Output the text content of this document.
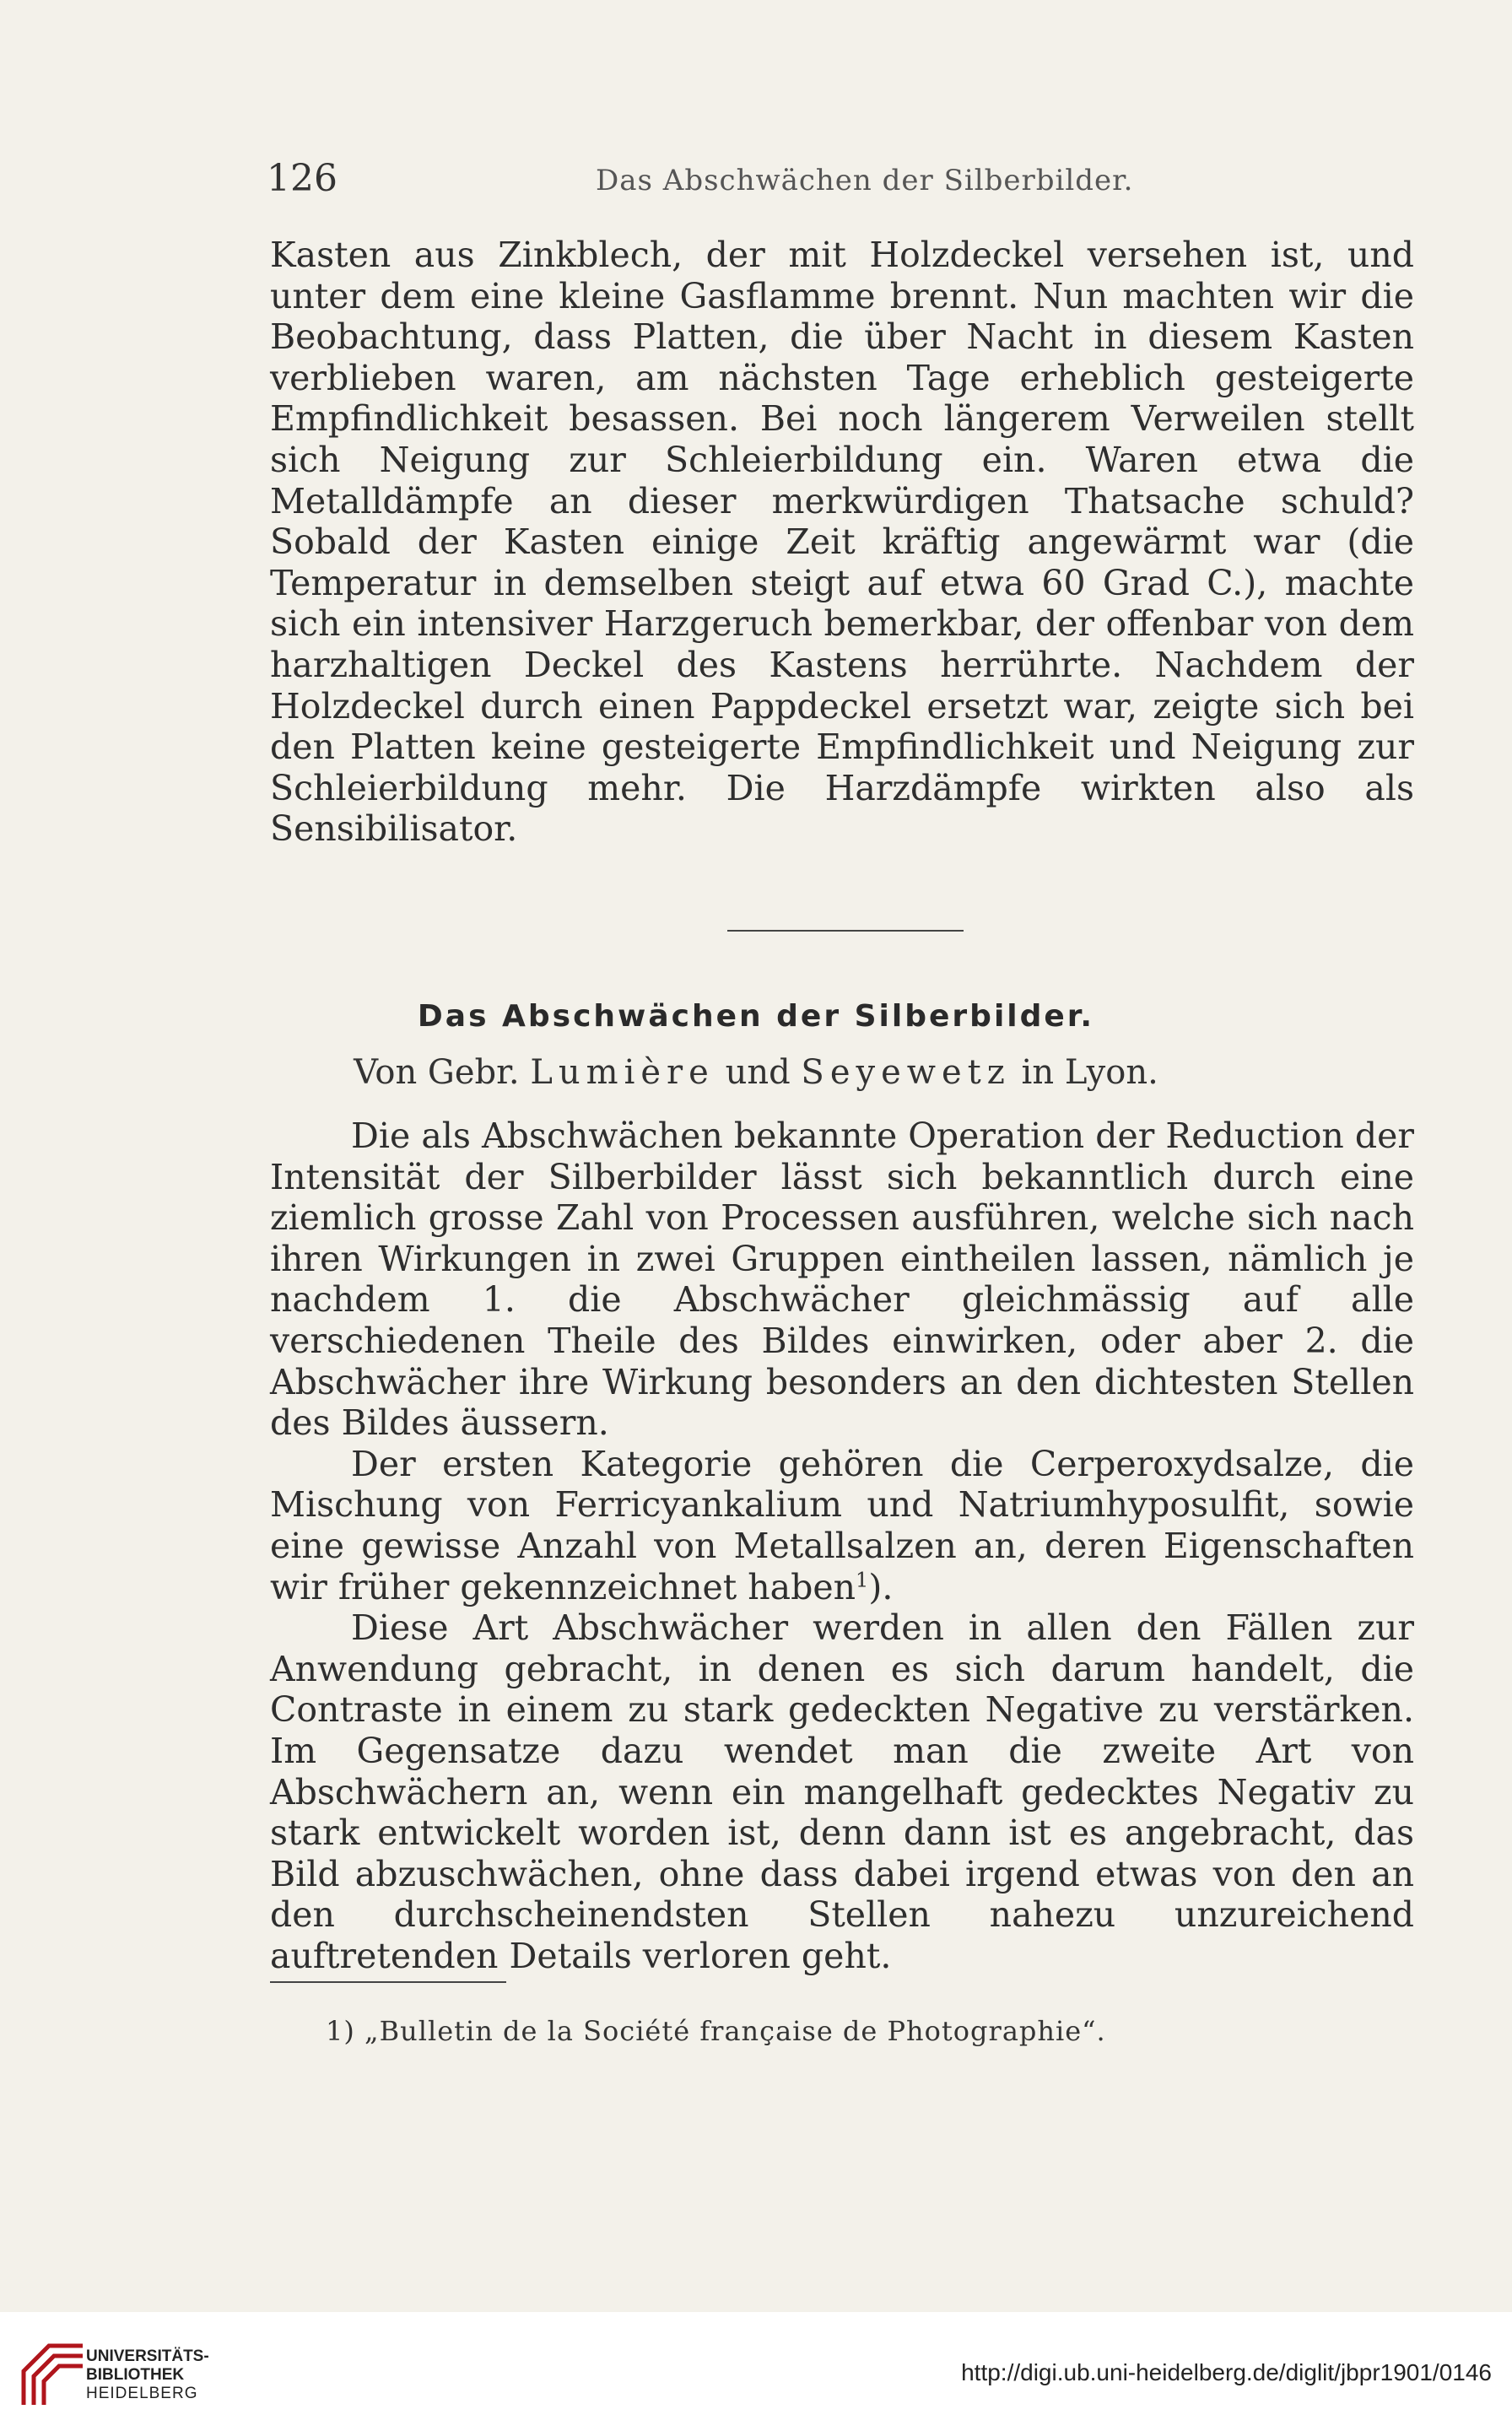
126	Das Abschwächen der Silberbilder.

Kasten aus Zinkblech, der mit Holzdeckel versehen ist, und unter dem eine kleine Gasflamme brennt. Nun machten wir die Beobachtung, dass Platten, die über Nacht in diesem Kasten verblieben waren, am nächsten Tage erheblich gesteigerte Empfindlichkeit besassen. Bei noch längerem Verweilen stellt sich Neigung zur Schleierbildung ein. Waren etwa die Metalldämpfe an dieser merkwürdigen Thatsache schuld? Sobald der Kasten einige Zeit kräftig angewärmt war (die Temperatur in demselben steigt auf etwa 60 Grad C.), machte sich ein intensiver Harzgeruch bemerkbar, der offenbar von dem harzhaltigen Deckel des Kastens herrührte. Nachdem der Holzdeckel durch einen Pappdeckel ersetzt war, zeigte sich bei den Platten keine gesteigerte Empfindlichkeit und Neigung zur Schleierbildung mehr. Die Harzdämpfe wirkten also als Sensibilisator.

Das Abschwächen der Silberbilder.
Von Gebr. Lumière und Seyewetz in Lyon.

Die als Abschwächen bekannte Operation der Reduction der Intensität der Silberbilder lässt sich bekanntlich durch eine ziemlich grosse Zahl von Processen ausführen, welche sich nach ihren Wirkungen in zwei Gruppen eintheilen lassen, nämlich je nachdem 1. die Abschwächer gleichmässig auf alle verschiedenen Theile des Bildes einwirken, oder aber 2. die Abschwächer ihre Wirkung besonders an den dichtesten Stellen des Bildes äussern.

Der ersten Kategorie gehören die Cerperoxydsalze, die Mischung von Ferricyankalium und Natriumhyposulfit, sowie eine gewisse Anzahl von Metallsalzen an, deren Eigenschaften wir früher gekennzeichnet haben$^1$).

Diese Art Abschwächer werden in allen den Fällen zur Anwendung gebracht, in denen es sich darum handelt, die Contraste in einem zu stark gedeckten Negative zu verstärken. Im Gegensatze dazu wendet man die zweite Art von Abschwächern an, wenn ein mangelhaft gedecktes Negativ zu stark entwickelt worden ist, denn dann ist es angebracht, das Bild abzuschwächen, ohne dass dabei irgend etwas von den an den durchscheinendsten Stellen nahezu unzureichend auftretenden Details verloren geht.

1) „Bulletin de la Société française de Photographie“.
UNIVERSITÄTS-
BIBLIOTHEK
HEIDELBERG
http://digi.ub.uni-heidelberg.de/diglit/jbpr1901/0146
